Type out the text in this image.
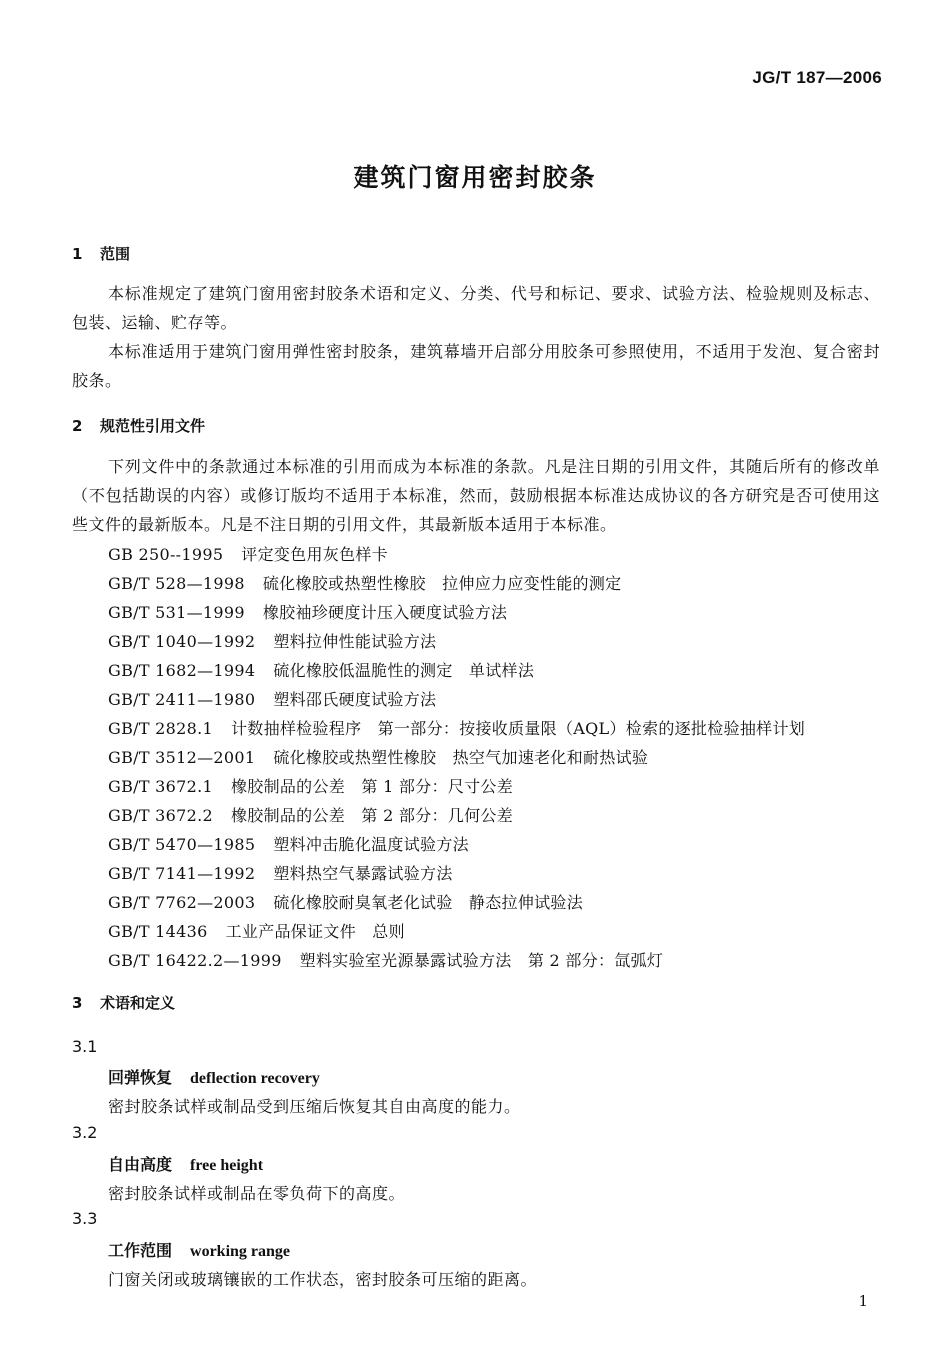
JG/T 187—2006
建筑门窗用密封胶条
1 范围

本标准规定了建筑门窗用密封胶条术语和定义、分类、代号和标记、要求、试验方法、检验规则及标志、包装、运输、贮存等。

本标准适用于建筑门窗用弹性密封胶条，建筑幕墙开启部分用胶条可参照使用，不适用于发泡、复合密封胶条。

2 规范性引用文件

下列文件中的条款通过本标准的引用而成为本标准的条款。凡是注日期的引用文件，其随后所有的修改单（不包括勘误的内容）或修订版均不适用于本标准，然而，鼓励根据本标准达成协议的各方研究是否可使用这些文件的最新版本。凡是不注日期的引用文件，其最新版本适用于本标准。

GB 250--1995 评定变色用灰色样卡
GB/T 528—1998 硫化橡胶或热塑性橡胶　拉伸应力应变性能的测定
GB/T 531—1999 橡胶袖珍硬度计压入硬度试验方法
GB/T 1040—1992 塑料拉伸性能试验方法
GB/T 1682—1994 硫化橡胶低温脆性的测定　单试样法
GB/T 2411—1980 塑料邵氏硬度试验方法
GB/T 2828.1 计数抽样检验程序　第一部分：按接收质量限（AQL）检索的逐批检验抽样计划
GB/T 3512—2001 硫化橡胶或热塑性橡胶　热空气加速老化和耐热试验
GB/T 3672.1 橡胶制品的公差　第 1 部分：尺寸公差
GB/T 3672.2 橡胶制品的公差　第 2 部分：几何公差
GB/T 5470—1985 塑料冲击脆化温度试验方法
GB/T 7141—1992 塑料热空气暴露试验方法
GB/T 7762—2003 硫化橡胶耐臭氧老化试验　静态拉伸试验法
GB/T 14436 工业产品保证文件　总则
GB/T 16422.2—1999 塑料实验室光源暴露试验方法　第 2 部分：氙弧灯
3 术语和定义
3.1
回弹恢复 deflection recovery
密封胶条试样或制品受到压缩后恢复其自由高度的能力。
3.2
自由高度 free height
密封胶条试样或制品在零负荷下的高度。
3.3
工作范围 working range
门窗关闭或玻璃镶嵌的工作状态，密封胶条可压缩的距离。
1
